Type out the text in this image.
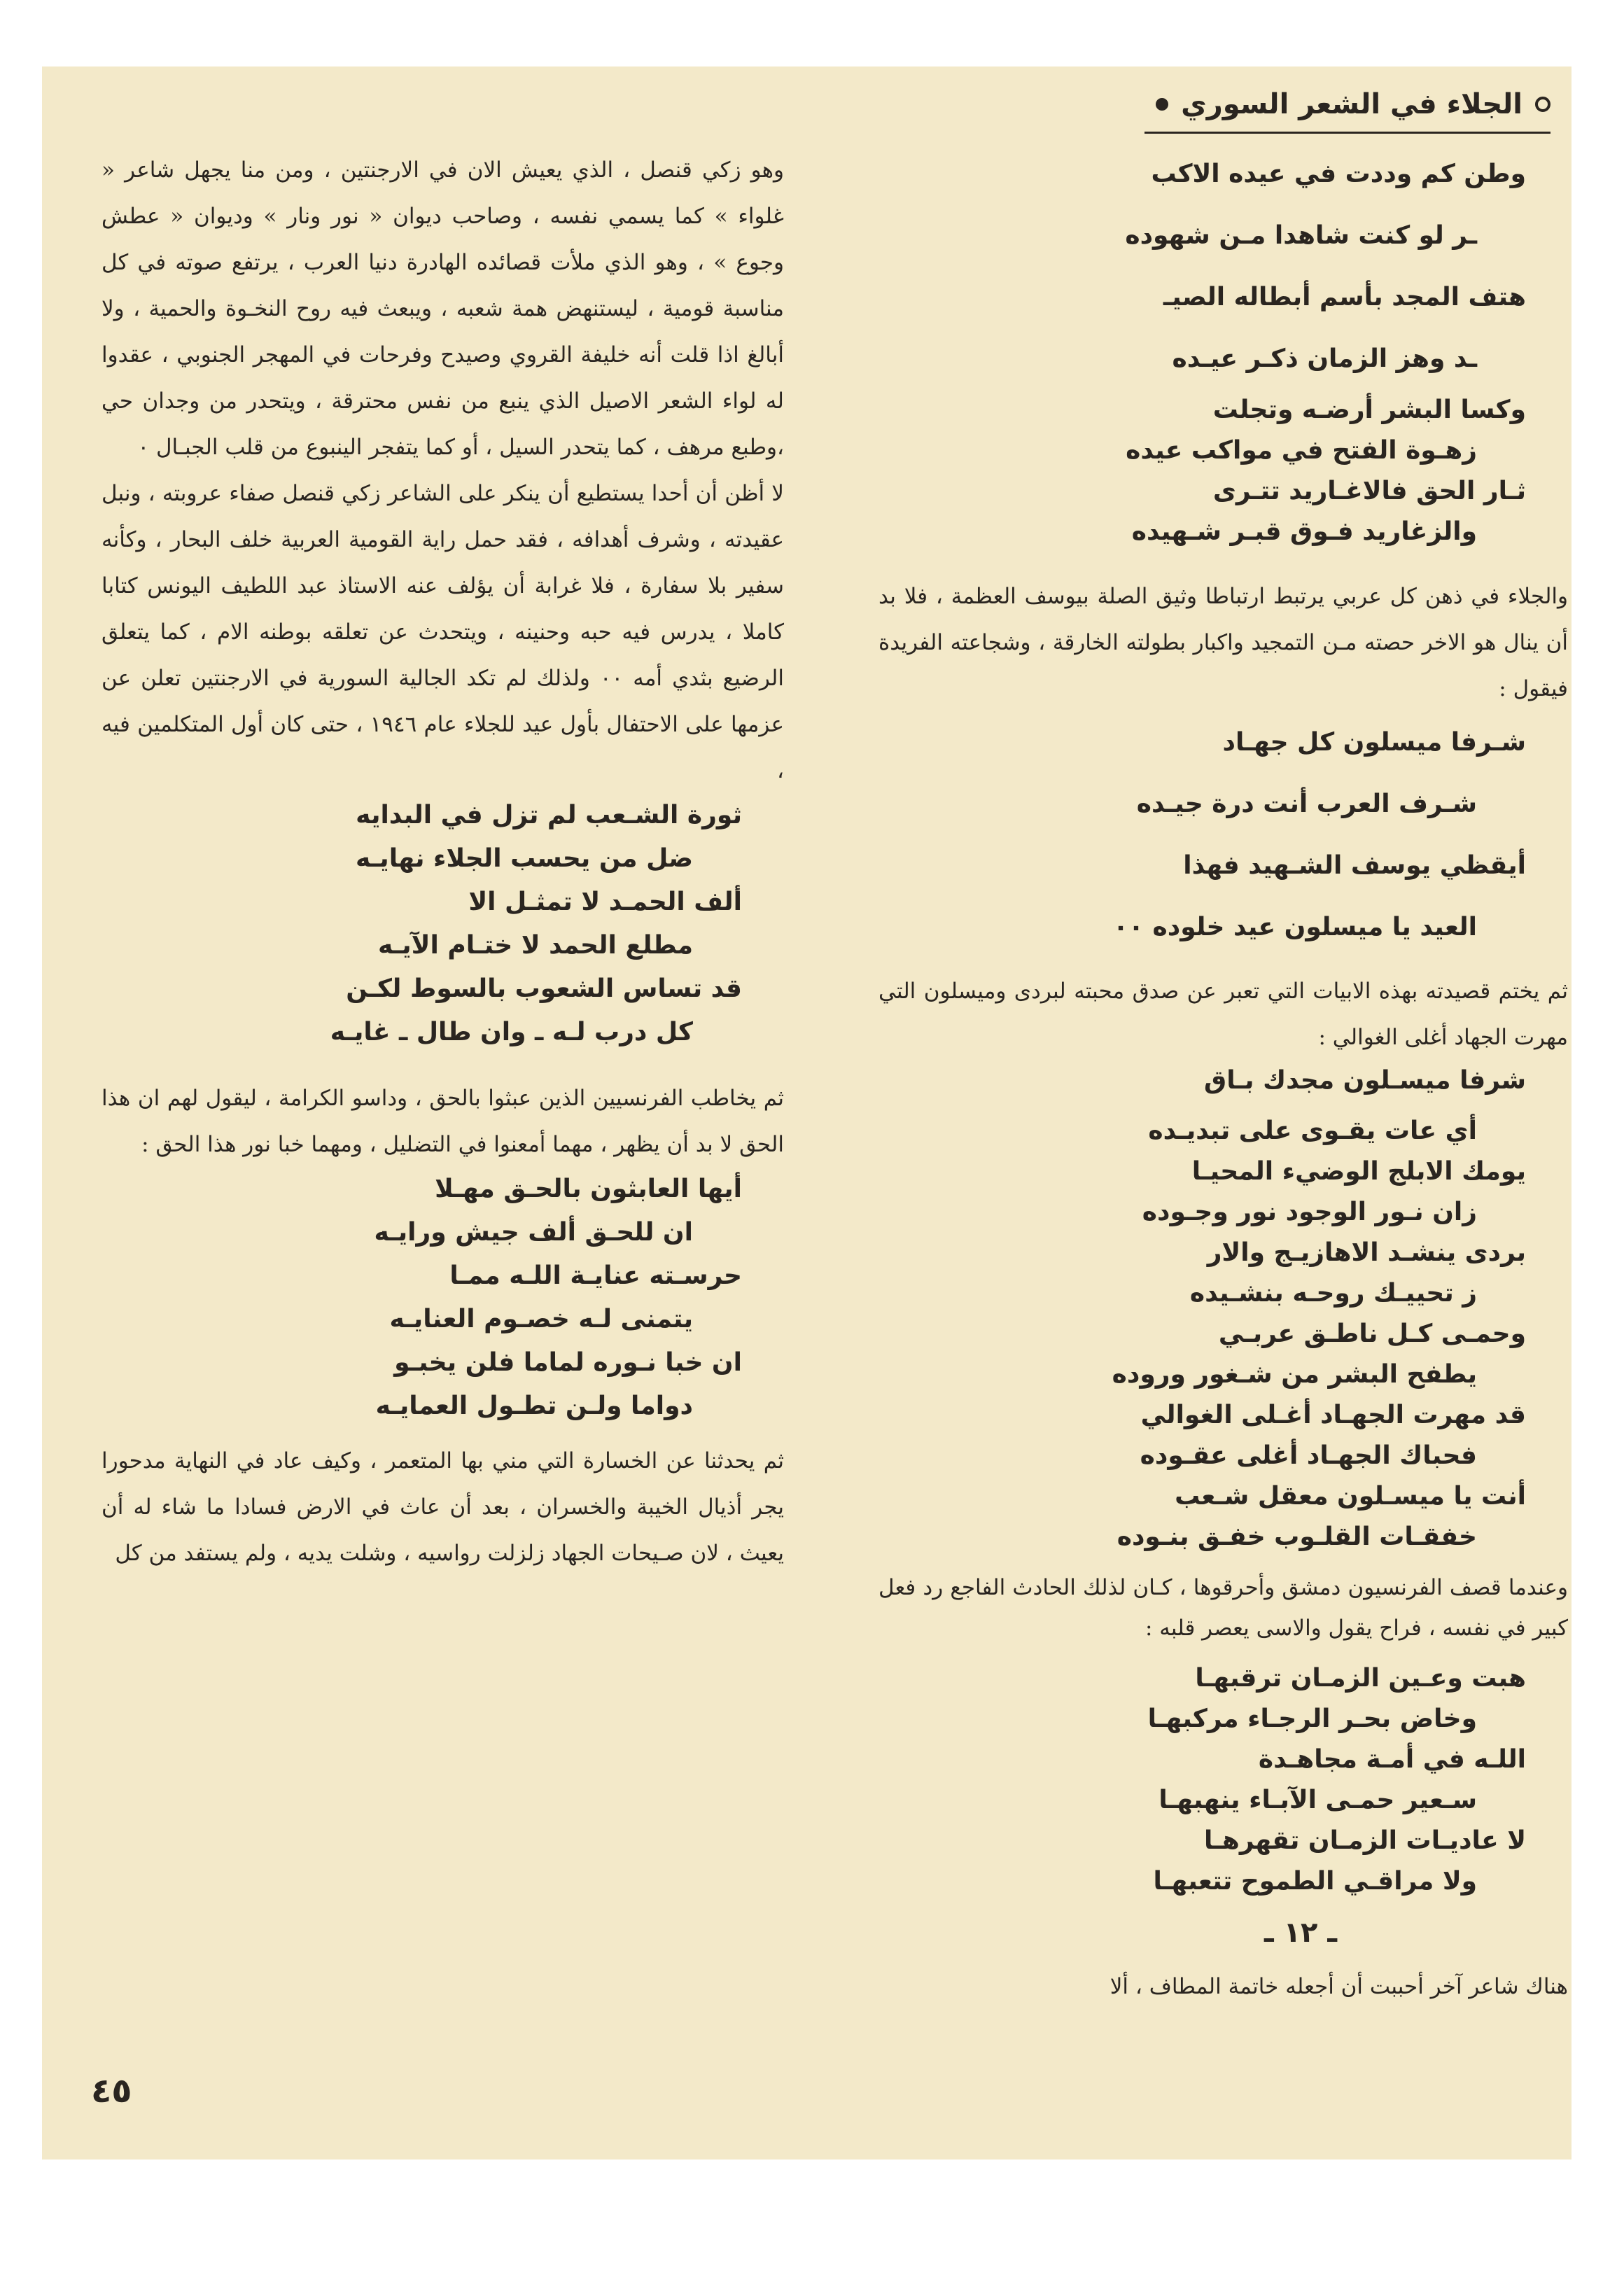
الجلاء في الشعر السوري

وطن كم وددت في عيده الاكب

ـر لو كنت شاهدا مـن شهوده

هتف المجد بأسم أبطاله الصيـ

ـد وهز الزمان ذكـر عيـده

وكسا البشر أرضـه وتجلت

زهـوة الفتح في مواكب عيده

ثـار الحق فالاغـاريد تتـرى

والزغاريد فـوق قبـر شـهيده

والجلاء في ذهن كل عربي يرتبط ارتباطا وثيق الصلة بيوسف العظمة ، فلا بد أن ينال هو الاخر حصته مـن التمجيد واكبار بطولته الخارقة ، وشجاعته الفريدة فيقول :

شـرفا ميسلون كل جهـاد

شـرف العرب أنت درة جيـده

أيقظي يوسف الشـهيد فهذا

العيد يا ميسلون عيد خلوده ٠٠

ثم يختم قصيدته بهذه الابيات التي تعبر عن صدق محبته لبردى وميسلون التي مهرت الجهاد أغلى الغوالي :

شرفا ميسـلون مجدك بـاق

أي عات يقـوى على تبديـده

يومك الابلج الوضيء المحيـا

زان نـور الوجود نور وجـوده

بردى ينشـد الاهازيـج والار

ز تحييـك روحـه بنشـيده

وحمـى كـل ناطـق عربـي

يطفح البشر من شـغور وروده

قد مهرت الجهـاد أغـلى الغوالي

فحباك الجهـاد أغلى عقـوده

أنت يا ميسـلون معقل شـعب

خفقـات القلـوب خفـق بنـوده

وعندما قصف الفرنسيون دمشق وأحرقوها ، كـان لذلك الحادث الفاجع رد فعل كبير في نفسه ، فراح يقول والاسى يعصر قلبه :

هبت وعـين الزمـان ترقبهـا

وخاض بحـر الرجـاء مركبهـا

اللـه في أمـة مجاهـدة

سـعير حمـى الآبـاء ينهبهـا

لا عاديـات الزمـان تقهرهـا

ولا مراقـي الطموح تتعبهـا

ـ ١٢ ـ

هناك شاعر آخر أحببت أن أجعله خاتمة المطاف ، ألا

وهو زكي قنصل ، الذي يعيش الان في الارجنتين ، ومن منا يجهل شاعر « غلواء » كما يسمي نفسه ، وصاحب ديوان « نور ونار » وديوان « عطش وجوع » ، وهو الذي ملأت قصائده الهادرة دنيا العرب ، يرتفع صوته في كل مناسبة قومية ، ليستنهض همة شعبه ، ويبعث فيه روح النخـوة والحمية ، ولا أبالغ اذا قلت أنه خليفة القروي وصيدح وفرحات في المهجر الجنوبي ، عقدوا له لواء الشعر الاصيل الذي ينبع من نفس محترقة ، ويتحدر من وجدان حي ،وطبع مرهف ، كما يتحدر السيل ، أو كما يتفجر الينبوع من قلب الجبـال ٠

لا أظن أن أحدا يستطيع أن ينكر على الشاعر زكي قنصل صفاء عروبته ، ونبل عقيدته ، وشرف أهدافه ، فقد حمل راية القومية العربية خلف البحار ، وكأنه سفير بلا سفارة ، فلا غرابة أن يؤلف عنه الاستاذ عبد اللطيف اليونس كتابا كاملا ، يدرس فيه حبه وحنينه ، ويتحدث عن تعلقه بوطنه الام ، كما يتعلق الرضيع بثدي أمه ٠٠ ولذلك لم تكد الجالية السورية في الارجنتين تعلن عن عزمها على الاحتفال بأول عيد للجلاء عام ١٩٤٦ ، حتى كان أول المتكلمين فيه ،

ثورة الشـعب لم تزل في البدايه

ضل من يحسب الجلاء نهايـه

ألف الحمـد لا تمثـل الا

مطلع الحمد لا ختـام الآيـه

قد تساس الشعوب بالسوط لكـن

كل درب لـه ـ وان طال ـ غايـه

ثم يخاطب الفرنسيين الذين عبثوا بالحق ، وداسو الكرامة ، ليقول لهم ان هذا الحق لا بد أن يظهر ، مهما أمعنوا في التضليل ، ومهما خبا نور هذا الحق :

أيها العابثون بالحـق مهـلا

ان للحـق ألف جيش ورايـه

حرسـته عنايـة اللـه ممـا

يتمنى لـه خصـوم العنايـه

ان خبا نـوره لماما فلن يخبـو

دواما ولـن تطـول العمايـه

ثم يحدثنا عن الخسارة التي مني بها المتعمر ، وكيف عاد في النهاية مدحورا يجر أذيال الخيبة والخسران ، بعد أن عاث في الارض فسادا ما شاء له أن يعيث ، لان صـيحات الجهاد زلزلت رواسيه ، وشلت يديه ، ولم يستفد من كل

٤٥
